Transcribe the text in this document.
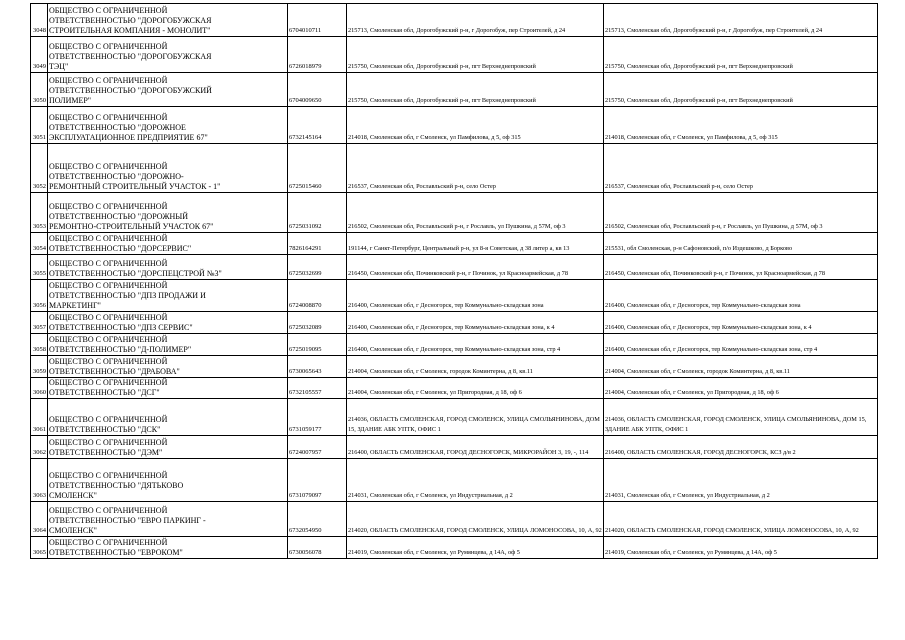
3048	ОБЩЕСТВО С ОГРАНИЧЕННОЙ
ОТВЕТСТВЕННОСТЬЮ "ДОРОГОБУЖСКАЯ
СТРОИТЕЛЬНАЯ КОМПАНИЯ - МОНОЛИТ"	6704010711	215713, Смоленская обл, Дорогобужский р-н, г Дорогобуж, пер Строителей, д 24	215713, Смоленская обл, Дорогобужский р-н, г Дорогобуж, пер Строителей, д 24
3049	ОБЩЕСТВО С ОГРАНИЧЕННОЙ
ОТВЕТСТВЕННОСТЬЮ "ДОРОГОБУЖСКАЯ
ТЭЦ"	6726018979	215750, Смоленская обл, Дорогобужский р-н, пгт Верхнеднепровский	215750, Смоленская обл, Дорогобужский р-н, пгт Верхнеднепровский
3050	ОБЩЕСТВО С ОГРАНИЧЕННОЙ
ОТВЕТСТВЕННОСТЬЮ "ДОРОГОБУЖСКИЙ
ПОЛИМЕР"	6704009650	215750, Смоленская обл, Дорогобужский р-н, пгт Верхнеднепровский	215750, Смоленская обл, Дорогобужский р-н, пгт Верхнеднепровский
3051	ОБЩЕСТВО С ОГРАНИЧЕННОЙ
ОТВЕТСТВЕННОСТЬЮ "ДОРОЖНОЕ
ЭКСПЛУАТАЦИОННОЕ ПРЕДПРИЯТИЕ 67"	6732145164	214018, Смоленская обл, г Смоленск, ул Памфилова, д 5, оф 315	214018, Смоленская обл, г Смоленск, ул Памфилова, д 5, оф 315
3052	ОБЩЕСТВО С ОГРАНИЧЕННОЙ
ОТВЕТСТВЕННОСТЬЮ "ДОРОЖНО-
РЕМОНТНЫЙ СТРОИТЕЛЬНЫЙ УЧАСТОК - 1"	6725015460	216537, Смоленская обл, Рославльский р-н, село Остер	216537, Смоленская обл, Рославльский р-н, село Остер
3053	ОБЩЕСТВО С ОГРАНИЧЕННОЙ
ОТВЕТСТВЕННОСТЬЮ "ДОРОЖНЫЙ
РЕМОНТНО-СТРОИТЕЛЬНЫЙ УЧАСТОК 67"	6725031092	216502, Смоленская обл, Рославльский р-н, г Рославль, ул Пушкина, д 57М, оф 3	216502, Смоленская обл, Рославльский р-н, г Рославль, ул Пушкина, д 57М, оф 3
3054	ОБЩЕСТВО С ОГРАНИЧЕННОЙ
ОТВЕТСТВЕННОСТЬЮ "ДОРСЕРВИС"	7826164291	191144, г Санкт-Петербург, Центральный р-н, ул 8-я Советская, д 38 литер а, кв 13	215531, обл Смоленская, р-н Сафоновский, п/о Издешково, д Борково
3055	ОБЩЕСТВО С ОГРАНИЧЕННОЙ
ОТВЕТСТВЕННОСТЬЮ "ДОРСПЕЦСТРОЙ №3"	6725032699	216450, Смоленская обл, Починковский р-н, г Починок, ул Красноармейская, д 78	216450, Смоленская обл, Починковский р-н, г Починок, ул Красноармейская, д 78
3056	ОБЩЕСТВО С ОГРАНИЧЕННОЙ
ОТВЕТСТВЕННОСТЬЮ "ДПЗ ПРОДАЖИ И
МАРКЕТИНГ"	6724008870	216400, Смоленская обл, г Десногорск, тер Коммунально-складская зона	216400, Смоленская обл, г Десногорск, тер Коммунально-складская зона
3057	ОБЩЕСТВО С ОГРАНИЧЕННОЙ
ОТВЕТСТВЕННОСТЬЮ "ДПЗ СЕРВИС"	6725032089	216400, Смоленская обл, г Десногорск, тер Коммунально-складская зона, к 4	216400, Смоленская обл, г Десногорск, тер Коммунально-складская зона, к 4
3058	ОБЩЕСТВО С ОГРАНИЧЕННОЙ
ОТВЕТСТВЕННОСТЬЮ "Д-ПОЛИМЕР"	6725019095	216400, Смоленская обл, г Десногорск, тер Коммунально-складская зона, стр 4	216400, Смоленская обл, г Десногорск, тер Коммунально-складская зона, стр 4
3059	ОБЩЕСТВО С ОГРАНИЧЕННОЙ
ОТВЕТСТВЕННОСТЬЮ "ДРАБОВА"	6730065643	214004, Смоленская обл, г Смоленск, городок Коминтерна, д 8, кв.11	214004, Смоленская обл, г Смоленск, городок Коминтерна, д 8, кв.11
3060	ОБЩЕСТВО С ОГРАНИЧЕННОЙ
ОТВЕТСТВЕННОСТЬЮ "ДСГ"	6732105557	214004, Смоленская обл, г Смоленск, ул Пригородная, д 18, оф 6	214004, Смоленская обл, г Смоленск, ул Пригородная, д 18, оф 6
3061	ОБЩЕСТВО С ОГРАНИЧЕННОЙ
ОТВЕТСТВЕННОСТЬЮ "ДСК"	6731059177	214036, ОБЛАСТЬ СМОЛЕНСКАЯ, ГОРОД СМОЛЕНСК, УЛИЦА СМОЛЬЯНИНОВА, ДОМ 15, ЗДАНИЕ АБК УПТК, ОФИС 1	214036, ОБЛАСТЬ СМОЛЕНСКАЯ, ГОРОД СМОЛЕНСК, УЛИЦА СМОЛЬЯНИНОВА, ДОМ 15, ЗДАНИЕ АБК УПТК, ОФИС 1
3062	ОБЩЕСТВО С ОГРАНИЧЕННОЙ
ОТВЕТСТВЕННОСТЬЮ "ДЭМ"	6724007957	216400, ОБЛАСТЬ СМОЛЕНСКАЯ, ГОРОД ДЕСНОГОРСК, МИКРОРАЙОН 3, 19, -, 114	216400, ОБЛАСТЬ СМОЛЕНСКАЯ, ГОРОД ДЕСНОГОРСК, КСЗ д/в 2
3063	ОБЩЕСТВО С ОГРАНИЧЕННОЙ
ОТВЕТСТВЕННОСТЬЮ "ДЯТЬКОВО
СМОЛЕНСК"	6731079097	214031, Смоленская обл, г Смоленск, ул Индустриальная, д 2	214031, Смоленская обл, г Смоленск, ул Индустриальная, д 2
3064	ОБЩЕСТВО С ОГРАНИЧЕННОЙ
ОТВЕТСТВЕННОСТЬЮ "ЕВРО ПАРКИНГ -
СМОЛЕНСК"	6732054950	214020, ОБЛАСТЬ СМОЛЕНСКАЯ, ГОРОД СМОЛЕНСК, УЛИЦА ЛОМОНОСОВА, 10, А, 92	214020, ОБЛАСТЬ СМОЛЕНСКАЯ, ГОРОД СМОЛЕНСК, УЛИЦА ЛОМОНОСОВА, 10, А, 92
3065	ОБЩЕСТВО С ОГРАНИЧЕННОЙ
ОТВЕТСТВЕННОСТЬЮ "ЕВРОКОМ"	6730056078	214019, Смоленская обл, г Смоленск, ул Румянцева, д 14А, оф 5	214019, Смоленская обл, г Смоленск, ул Румянцева, д 14А, оф 5
